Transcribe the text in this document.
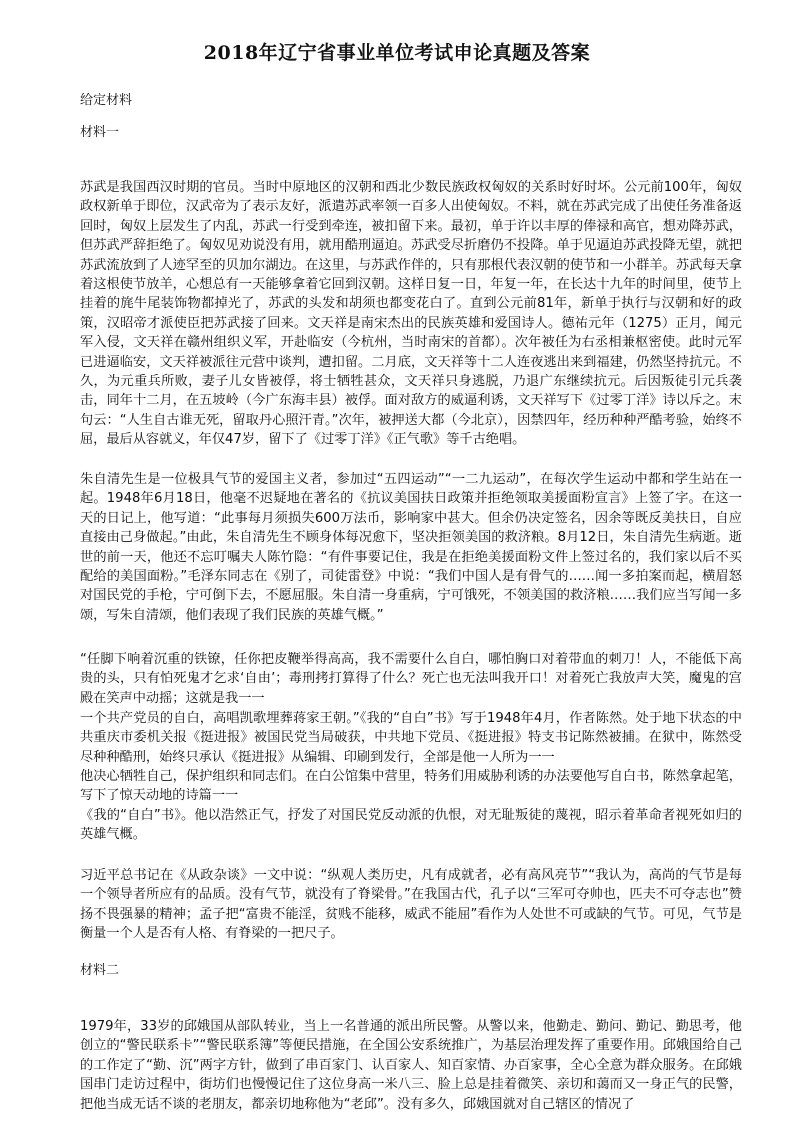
2018年辽宁省事业单位考试申论真题及答案
给定材料
材料一

苏武是我国西汉时期的官员。当时中原地区的汉朝和西北少数民族政权匈奴的关系时好时坏。公元前100年，匈奴政权新单于即位，汉武帝为了表示友好，派遣苏武率领一百多人出使匈奴。不料，就在苏武完成了出使任务准备返回时，匈奴上层发生了内乱，苏武一行受到牵连，被扣留下来。最初，单于许以丰厚的俸禄和高官，想劝降苏武，但苏武严辞拒绝了。匈奴见劝说没有用，就用酷刑逼迫。苏武受尽折磨仍不投降。单于见逼迫苏武投降无望，就把苏武流放到了人迹罕至的贝加尔湖边。在这里，与苏武作伴的，只有那根代表汉朝的使节和一小群羊。苏武每天拿着这根使节放羊，心想总有一天能够拿着它回到汉朝。这样日复一日，年复一年，在长达十九年的时间里，使节上挂着的旄牛尾装饰物都掉光了，苏武的头发和胡须也都变花白了。直到公元前81年，新单于执行与汉朝和好的政策，汉昭帝才派使臣把苏武接了回来。文天祥是南宋杰出的民族英雄和爱国诗人。德祐元年（1275）正月，闻元军入侵，文天祥在赣州组织义军，开赴临安（今杭州，当时南宋的首都）。次年被任为右丞相兼枢密使。此时元军已进逼临安，文天祥被派往元营中谈判，遭扣留。二月底，文天祥等十二人连夜逃出来到福建，仍然坚持抗元。不久，为元重兵所败，妻子儿女皆被俘，将士牺牲甚众，文天祥只身逃脱，乃退广东继续抗元。后因叛徒引元兵袭击，同年十二月，在五坡岭（今广东海丰县）被俘。面对敌方的威逼利诱，文天祥写下《过零丁洋》诗以斥之。末句云：“人生自古谁无死，留取丹心照汗青。”次年，被押送大都（今北京），因禁四年，经历种种严酷考验，始终不屈，最后从容就义，年仅47岁，留下了《过零丁洋》《正气歌》等千古绝唱。

朱自清先生是一位极具气节的爱国主义者，参加过“五四运动”“一二九运动”，在每次学生运动中都和学生站在一起。1948年6月18日，他毫不迟疑地在著名的《抗议美国扶日政策并拒绝领取美援面粉宣言》上签了字。在这一天的日记上，他写道：“此事每月须损失600万法币，影响家中甚大。但余仍决定签名，因余等既反美扶日，自应直接由己身做起。”由此，朱自清先生不顾身体每况愈下，坚决拒领美国的救济粮。8月12日，朱自清先生病逝。逝世的前一天，他还不忘叮嘱夫人陈竹隐：“有件事要记住，我是在拒绝美援面粉文件上签过名的，我们家以后不买配给的美国面粉。”毛泽东同志在《别了，司徒雷登》中说：“我们中国人是有骨气的……闻一多拍案而起，横眉怒对国民党的手枪，宁可倒下去，不愿屈服。朱自清一身重病，宁可饿死，不领美国的救济粮……我们应当写闻一多颂，写朱自清颂，他们表现了我们民族的英雄气概。”

“任脚下响着沉重的铁镣，任你把皮鞭举得高高，我不需要什么自白，哪怕胸口对着带血的刺刀！人，不能低下高贵的头，只有怕死鬼才乞求‘自由’；毒刑拷打算得了什么？死亡也无法叫我开口！对着死亡我放声大笑，魔鬼的宫殿在笑声中动摇；这就是我一一

一个共产党员的自白，高唱凯歌埋葬蒋家王朝。”《我的“自白”书》写于1948年4月，作者陈然。处于地下状态的中共重庆市委机关报《挺进报》被国民党当局破获，中共地下党员、《挺进报》特支书记陈然被捕。在狱中，陈然受尽种种酷刑，始终只承认《挺进报》从编辑、印刷到发行，全部是他一人所为一一

他决心牺牲自己，保护组织和同志们。在白公馆集中营里，特务们用威胁利诱的办法要他写自白书，陈然拿起笔，写下了惊天动地的诗篇一一

《我的“自白”书》。他以浩然正气，抒发了对国民党反动派的仇恨，对无耻叛徒的蔑视，昭示着革命者视死如归的英雄气概。

习近平总书记在《从政杂谈》一文中说：“纵观人类历史，凡有成就者，必有高风亮节”“我认为，高尚的气节是每一个领导者所应有的品质。没有气节，就没有了脊梁骨。”在我国古代，孔子以“三军可夺帅也，匹夫不可夺志也”赞扬不畏强暴的精神；孟子把“富贵不能淫，贫贱不能移，威武不能屈”看作为人处世不可或缺的气节。可见，气节是衡量一个人是否有人格、有脊梁的一把尺子。

材料二

1979年，33岁的邱娥国从部队转业，当上一名普通的派出所民警。从警以来，他勤走、勤问、勤记、勤思考，他创立的“警民联系卡”“警民联系簿”等便民措施，在全国公安系统推广，为基层治理发挥了重要作用。邱娥国给自己的工作定了“勤、沉”两字方针，做到了串百家门、认百家人、知百家情、办百家事，全心全意为群众服务。在邱娥国串门走访过程中，街坊们也慢慢记住了这位身高一米八三、脸上总是挂着微笑、亲切和蔼而又一身正气的民警，把他当成无话不谈的老朋友，都亲切地称他为“老邱”。没有多久，邱娥国就对自己辖区的情况了
